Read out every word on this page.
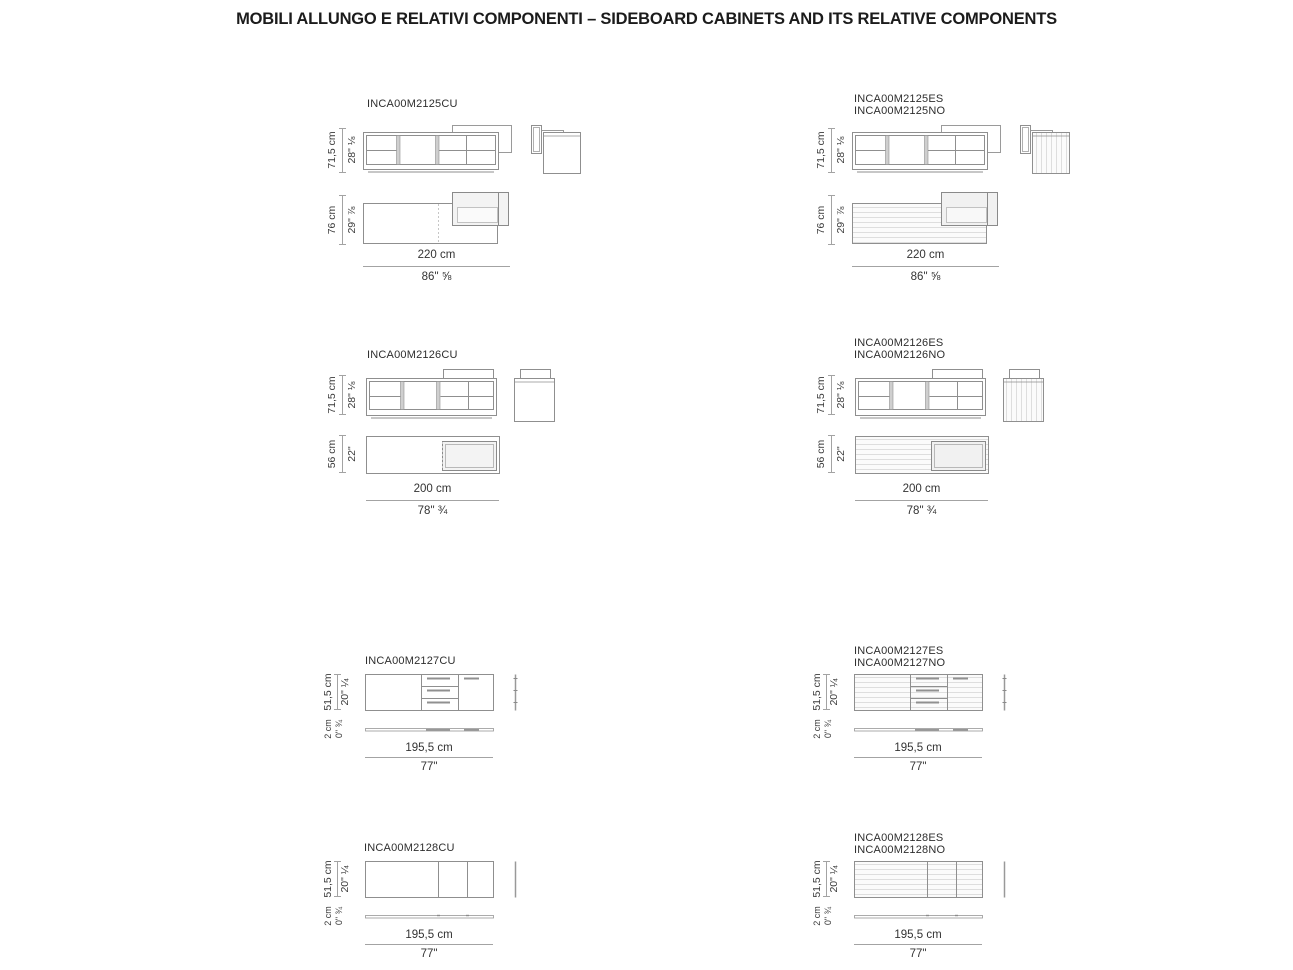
MOBILI ALLUNGO E RELATIVI COMPONENTI – SIDEBOARD CABINETS AND ITS RELATIVE COMPONENTS
INCA00M2125CU
71,5 cm 28" ⅛
76 cm 29" ⅞
220 cm
86" ⅝
INCA00M2125ES
INCA00M2125NO
71,5 cm 28" ⅛
76 cm 29" ⅞
220 cm
86" ⅝
INCA00M2126CU
71,5 cm 28" ⅛
56 cm 22"
200 cm
78" ¾
INCA00M2126ES
INCA00M2126NO
71,5 cm 28" ⅛
56 cm 22"
200 cm
78" ¾
INCA00M2127CU
51,5 cm 20" ¼
2 cm 0" ¾
195,5 cm
77"
INCA00M2127ES
INCA00M2127NO
51,5 cm 20" ¼
2 cm 0" ¾
195,5 cm
77"
INCA00M2128CU
51,5 cm 20" ¼
2 cm 0" ¾
195,5 cm
77"
INCA00M2128ES
INCA00M2128NO
51,5 cm 20" ¼
2 cm 0" ¾
195,5 cm
77"
